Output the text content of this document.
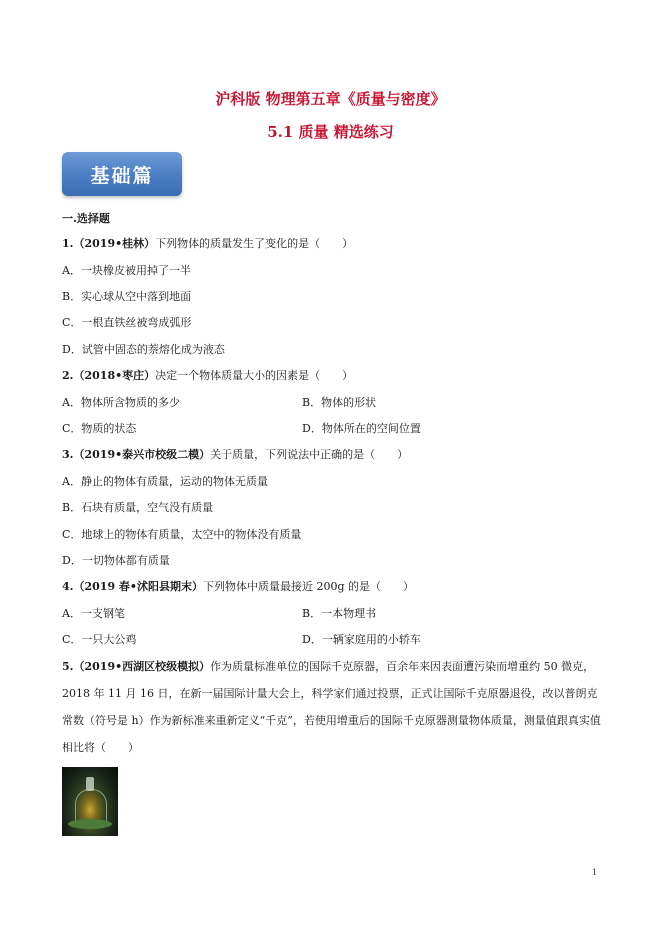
沪科版 物理第五章《质量与密度》
5.1 质量 精选练习
基础篇
一.选择题
1.（2019•桂林）下列物体的质量发生了变化的是（　　）
A．一块橡皮被用掉了一半
B．实心球从空中落到地面
C．一根直铁丝被弯成弧形
D．试管中固态的萘熔化成为液态
2.（2018•枣庄）决定一个物体质量大小的因素是（　　）
A．物体所含物质的多少	B．物体的形状
C．物质的状态	D．物体所在的空间位置
3.（2019•泰兴市校级二模）关于质量，下列说法中正确的是（　　）
A．静止的物体有质量，运动的物体无质量
B．石块有质量，空气没有质量
C．地球上的物体有质量，太空中的物体没有质量
D．一切物体都有质量
4.（2019 春•沭阳县期末）下列物体中质量最接近 200g 的是（　　）
A．一支钢笔	B．一本物理书
C．一只大公鸡	D．一辆家庭用的小轿车
5.（2019•西湖区校级模拟）作为质量标准单位的国际千克原器，百余年来因表面遭污染而增重约 50 微克，2018 年 11 月 16 日，在新一届国际计量大会上，科学家们通过投票，正式让国际千克原器退役，改以普朗克常数（符号是 h）作为新标准来重新定义“千克”，若使用增重后的国际千克原器测量物体质量，测量值跟真实值相比将（　　）
1
